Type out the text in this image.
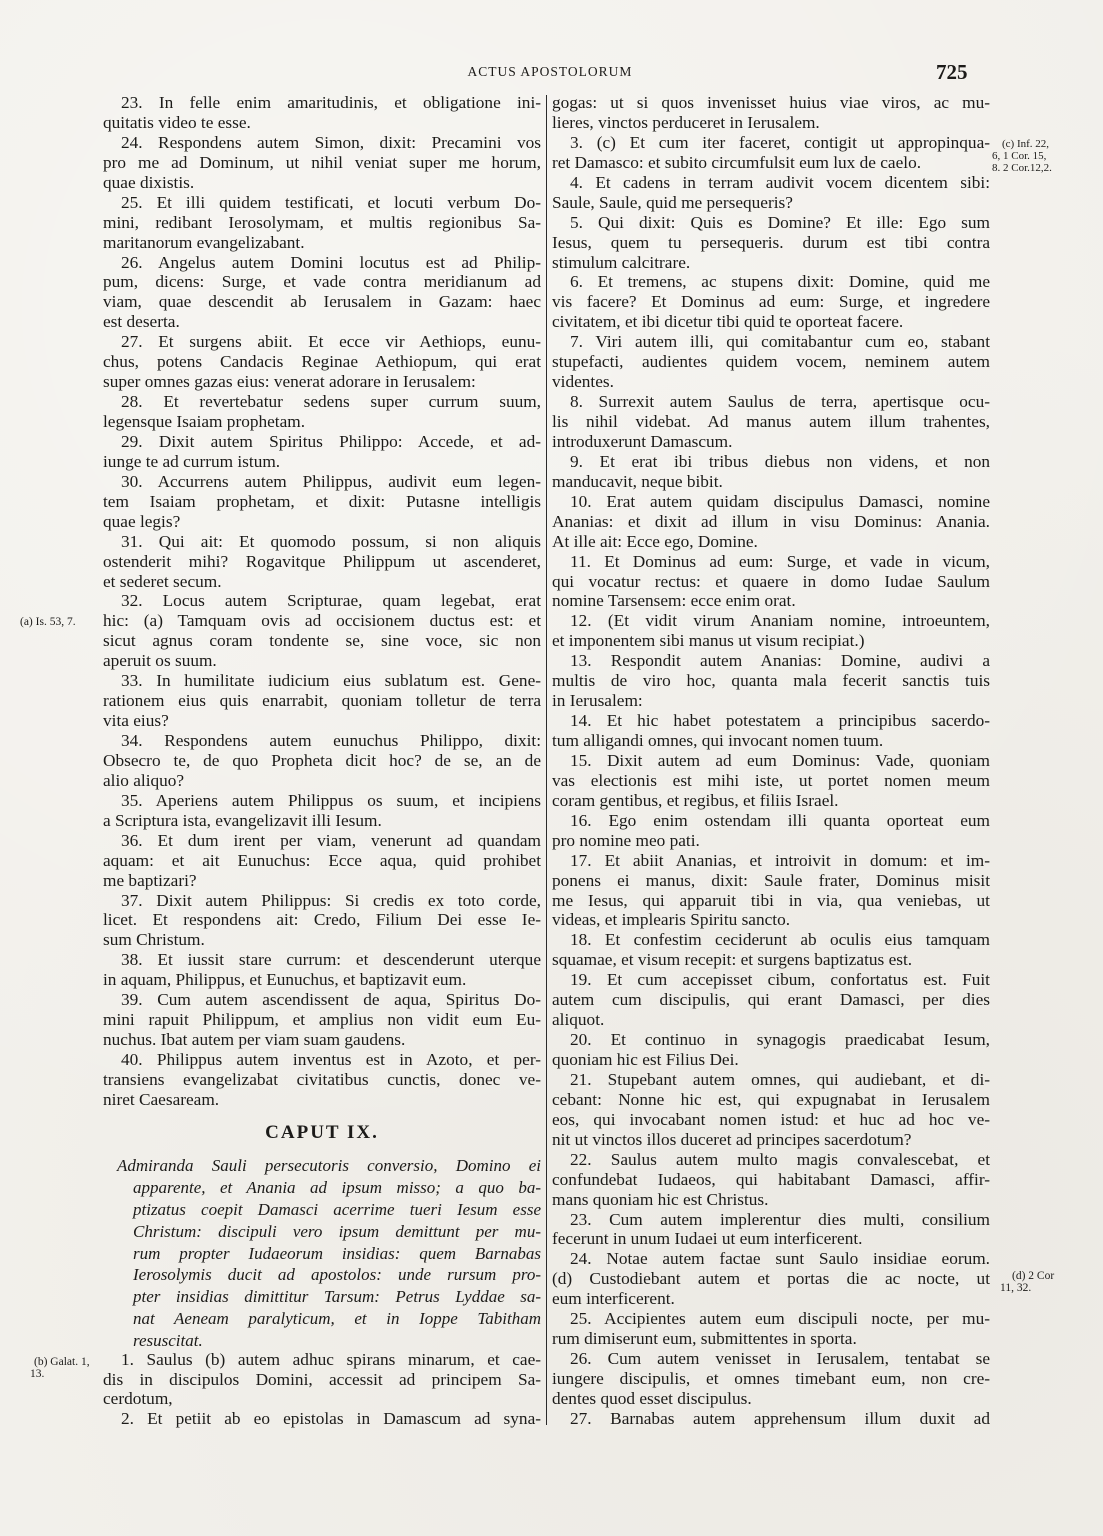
ACTUS APOSTOLORUM	725
23. In felle enim amaritudinis, et obligatione ini-
quitatis video te esse.
24. Respondens autem Simon, dixit: Precamini vos
pro me ad Dominum, ut nihil veniat super me horum,
quae dixistis.
25. Et illi quidem testificati, et locuti verbum Do-
mini, redibant Ierosolymam, et multis regionibus Sa-
maritanorum evangelizabant.
26. Angelus autem Domini locutus est ad Philip-
pum, dicens: Surge, et vade contra meridianum ad
viam, quae descendit ab Ierusalem in Gazam: haec
est deserta.
27. Et surgens abiit. Et ecce vir Aethiops, eunu-
chus, potens Candacis Reginae Aethiopum, qui erat
super omnes gazas eius: venerat adorare in Ierusalem:
28. Et revertebatur sedens super currum suum,
legensque Isaiam prophetam.
29. Dixit autem Spiritus Philippo: Accede, et ad-
iunge te ad currum istum.
30. Accurrens autem Philippus, audivit eum legen-
tem Isaiam prophetam, et dixit: Putasne intelligis
quae legis?
31. Qui ait: Et quomodo possum, si non aliquis
ostenderit mihi? Rogavitque Philippum ut ascenderet,
et sederet secum.
32. Locus autem Scripturae, quam legebat, erat
hic: (a) Tamquam ovis ad occisionem ductus est: et
sicut agnus coram tondente se, sine voce, sic non
aperuit os suum.
33. In humilitate iudicium eius sublatum est. Gene-
rationem eius quis enarrabit, quoniam tolletur de terra
vita eius?
34. Respondens autem eunuchus Philippo, dixit:
Obsecro te, de quo Propheta dicit hoc? de se, an de
alio aliquo?
35. Aperiens autem Philippus os suum, et incipiens
a Scriptura ista, evangelizavit illi Iesum.
36. Et dum irent per viam, venerunt ad quandam
aquam: et ait Eunuchus: Ecce aqua, quid prohibet
me baptizari?
37. Dixit autem Philippus: Si credis ex toto corde,
licet. Et respondens ait: Credo, Filium Dei esse Ie-
sum Christum.
38. Et iussit stare currum: et descenderunt uterque
in aquam, Philippus, et Eunuchus, et baptizavit eum.
39. Cum autem ascendissent de aqua, Spiritus Do-
mini rapuit Philippum, et amplius non vidit eum Eu-
nuchus. Ibat autem per viam suam gaudens.
40. Philippus autem inventus est in Azoto, et per-
transiens evangelizabat civitatibus cunctis, donec ve-
niret Caesaream.
CAPUT IX.
Admiranda Sauli persecutoris conversio, Domino ei
apparente, et Anania ad ipsum misso; a quo ba-
ptizatus coepit Damasci acerrime tueri Iesum esse
Christum: discipuli vero ipsum demittunt per mu-
rum propter Iudaeorum insidias: quem Barnabas
Ierosolymis ducit ad apostolos: unde rursum pro-
pter insidias dimittitur Tarsum: Petrus Lyddae sa-
nat Aeneam paralyticum, et in Ioppe Tabitham
resuscitat.
1. Saulus (b) autem adhuc spirans minarum, et cae-
dis in discipulos Domini, accessit ad principem Sa-
cerdotum,
2. Et petiit ab eo epistolas in Damascum ad syna-
gogas: ut si quos invenisset huius viae viros, ac mu-
lieres, vinctos perduceret in Ierusalem.
3. (c) Et cum iter faceret, contigit ut appropinqua-
ret Damasco: et subito circumfulsit eum lux de caelo.
4. Et cadens in terram audivit vocem dicentem sibi:
Saule, Saule, quid me persequeris?
5. Qui dixit: Quis es Domine? Et ille: Ego sum
Iesus, quem tu persequeris. durum est tibi contra
stimulum calcitrare.
6. Et tremens, ac stupens dixit: Domine, quid me
vis facere? Et Dominus ad eum: Surge, et ingredere
civitatem, et ibi dicetur tibi quid te oporteat facere.
7. Viri autem illi, qui comitabantur cum eo, stabant
stupefacti, audientes quidem vocem, neminem autem
videntes.
8. Surrexit autem Saulus de terra, apertisque ocu-
lis nihil videbat. Ad manus autem illum trahentes,
introduxerunt Damascum.
9. Et erat ibi tribus diebus non videns, et non
manducavit, neque bibit.
10. Erat autem quidam discipulus Damasci, nomine
Ananias: et dixit ad illum in visu Dominus: Anania.
At ille ait: Ecce ego, Domine.
11. Et Dominus ad eum: Surge, et vade in vicum,
qui vocatur rectus: et quaere in domo Iudae Saulum
nomine Tarsensem: ecce enim orat.
12. (Et vidit virum Ananiam nomine, introeuntem,
et imponentem sibi manus ut visum recipiat.)
13. Respondit autem Ananias: Domine, audivi a
multis de viro hoc, quanta mala fecerit sanctis tuis
in Ierusalem:
14. Et hic habet potestatem a principibus sacerdo-
tum alligandi omnes, qui invocant nomen tuum.
15. Dixit autem ad eum Dominus: Vade, quoniam
vas electionis est mihi iste, ut portet nomen meum
coram gentibus, et regibus, et filiis Israel.
16. Ego enim ostendam illi quanta oporteat eum
pro nomine meo pati.
17. Et abiit Ananias, et introivit in domum: et im-
ponens ei manus, dixit: Saule frater, Dominus misit
me Iesus, qui apparuit tibi in via, qua veniebas, ut
videas, et implearis Spiritu sancto.
18. Et confestim ceciderunt ab oculis eius tamquam
squamae, et visum recepit: et surgens baptizatus est.
19. Et cum accepisset cibum, confortatus est. Fuit
autem cum discipulis, qui erant Damasci, per dies
aliquot.
20. Et continuo in synagogis praedicabat Iesum,
quoniam hic est Filius Dei.
21. Stupebant autem omnes, qui audiebant, et di-
cebant: Nonne hic est, qui expugnabat in Ierusalem
eos, qui invocabant nomen istud: et huc ad hoc ve-
nit ut vinctos illos duceret ad principes sacerdotum?
22. Saulus autem multo magis convalescebat, et
confundebat Iudaeos, qui habitabant Damasci, affir-
mans quoniam hic est Christus.
23. Cum autem implerentur dies multi, consilium
fecerunt in unum Iudaei ut eum interficerent.
24. Notae autem factae sunt Saulo insidiae eorum.
(d) Custodiebant autem et portas die ac nocte, ut
eum interficerent.
25. Accipientes autem eum discipuli nocte, per mu-
rum dimiserunt eum, submittentes in sporta.
26. Cum autem venisset in Ierusalem, tentabat se
iungere discipulis, et omnes timebant eum, non cre-
dentes quod esset discipulus.
27. Barnabas autem apprehensum illum duxit ad
(a) Is. 53, 7.
(b) Galat. 1,
13.
(c) Inf. 22,
6, 1 Cor. 15,
8. 2 Cor.12,2.
(d) 2 Cor
11, 32.
